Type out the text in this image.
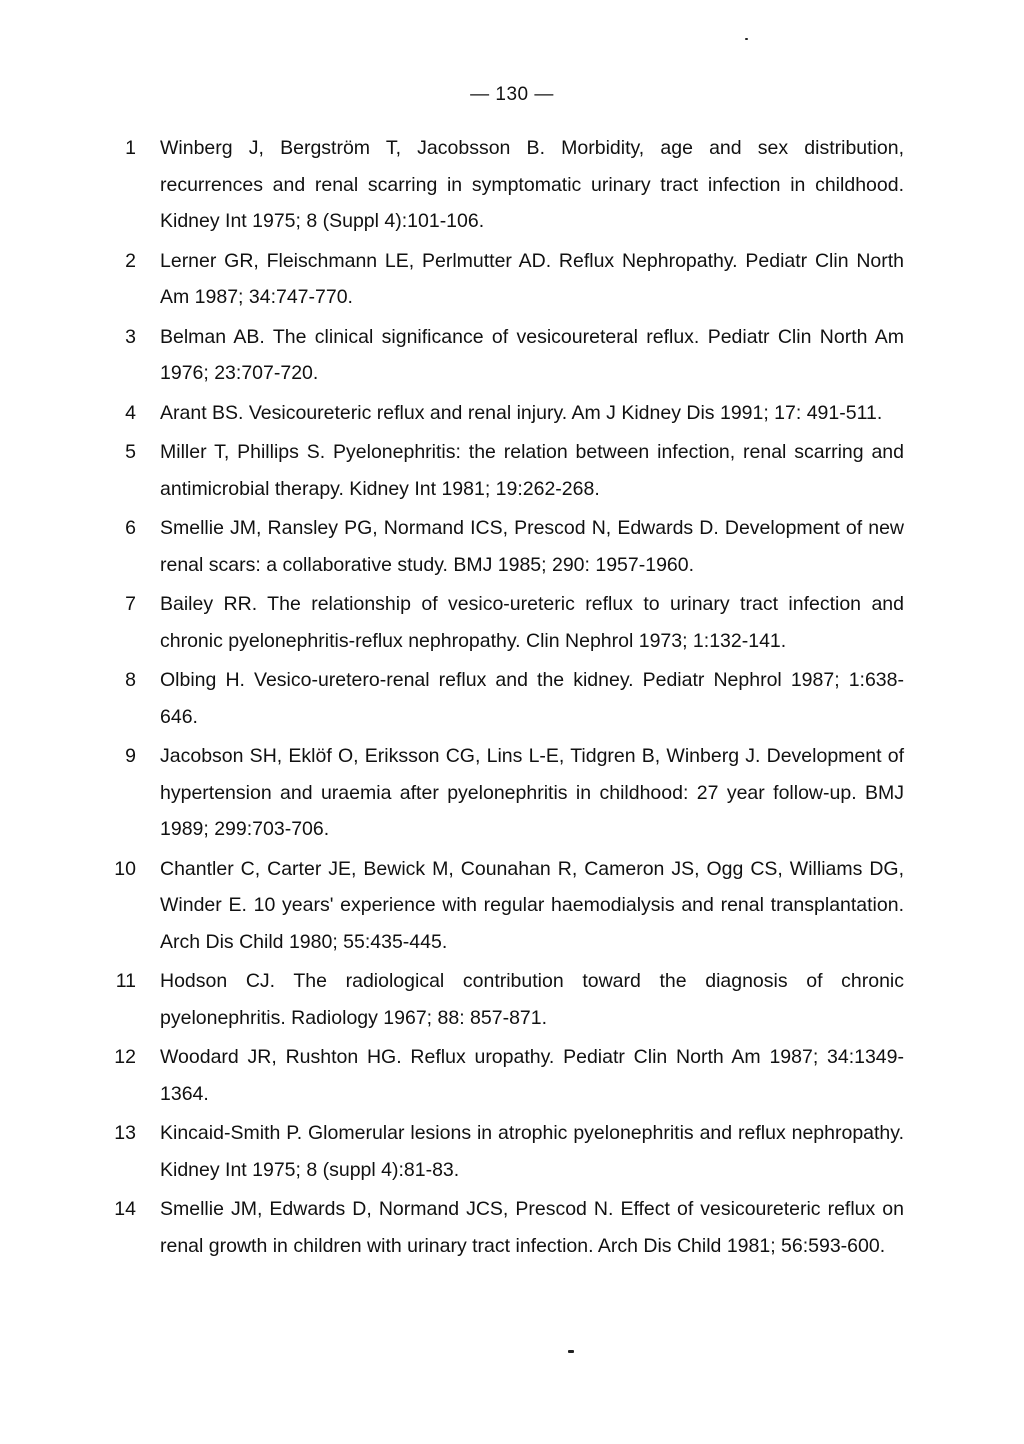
— 130 —
1 Winberg J, Bergström T, Jacobsson B. Morbidity, age and sex distribution, recurrences and renal scarring in symptomatic urinary tract infection in childhood. Kidney Int 1975; 8 (Suppl 4):101-106.
2 Lerner GR, Fleischmann LE, Perlmutter AD. Reflux Nephropathy. Pediatr Clin North Am 1987; 34:747-770.
3 Belman AB. The clinical significance of vesicoureteral reflux. Pediatr Clin North Am 1976; 23:707-720.
4 Arant BS. Vesicoureteric reflux and renal injury. Am J Kidney Dis 1991; 17: 491-511.
5 Miller T, Phillips S. Pyelonephritis: the relation between infection, renal scarring and antimicrobial therapy. Kidney Int 1981; 19:262-268.
6 Smellie JM, Ransley PG, Normand ICS, Prescod N, Edwards D. Development of new renal scars: a collaborative study. BMJ 1985; 290: 1957-1960.
7 Bailey RR. The relationship of vesico-ureteric reflux to urinary tract infection and chronic pyelonephritis-reflux nephropathy. Clin Nephrol 1973; 1:132-141.
8 Olbing H. Vesico-uretero-renal reflux and the kidney. Pediatr Nephrol 1987; 1:638-646.
9 Jacobson SH, Eklöf O, Eriksson CG, Lins L-E, Tidgren B, Winberg J. Development of hypertension and uraemia after pyelonephritis in childhood: 27 year follow-up. BMJ 1989; 299:703-706.
10 Chantler C, Carter JE, Bewick M, Counahan R, Cameron JS, Ogg CS, Williams DG, Winder E. 10 years' experience with regular haemodialysis and renal transplantation. Arch Dis Child 1980; 55:435-445.
11 Hodson CJ. The radiological contribution toward the diagnosis of chronic pyelonephritis. Radiology 1967; 88: 857-871.
12 Woodard JR, Rushton HG. Reflux uropathy. Pediatr Clin North Am 1987; 34:1349-1364.
13 Kincaid-Smith P. Glomerular lesions in atrophic pyelonephritis and reflux nephropathy. Kidney Int 1975; 8 (suppl 4):81-83.
14 Smellie JM, Edwards D, Normand JCS, Prescod N. Effect of vesicoureteric reflux on renal growth in children with urinary tract infection. Arch Dis Child 1981; 56:593-600.
